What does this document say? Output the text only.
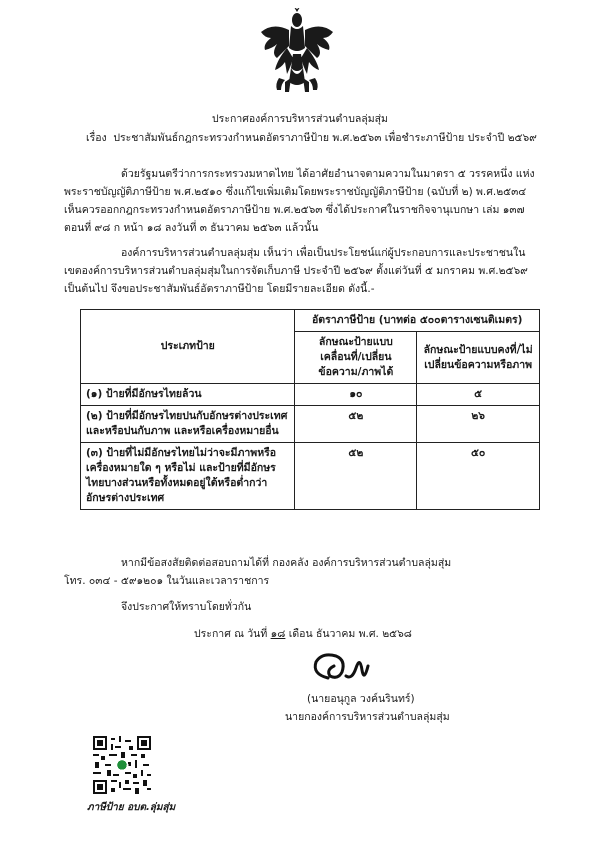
ประกาศองค์การบริหารส่วนตำบลลุ่มสุ่ม
เรื่อง ประชาสัมพันธ์กฎกระทรวงกำหนดอัตราภาษีป้าย พ.ศ.๒๕๖๓ เพื่อชำระภาษีป้าย ประจำปี ๒๕๖๙
ด้วยรัฐมนตรีว่าการกระทรวงมหาดไทย ได้อาศัยอำนาจตามความในมาตรา ๕ วรรคหนึ่ง แห่ง
พระราชบัญญัติภาษีป้าย พ.ศ.๒๕๑๐ ซึ่งแก้ไขเพิ่มเติมโดยพระราชบัญญัติภาษีป้าย (ฉบับที่ ๒) พ.ศ.๒๕๓๔
เห็นควรออกกฎกระทรวงกำหนดอัตราภาษีป้าย พ.ศ.๒๕๖๓ ซึ่งได้ประกาศในราชกิจจานุเบกษา เล่ม ๑๓๗
ตอนที่ ๙๘ ก หน้า ๑๘ ลงวันที่ ๓ ธันวาคม ๒๕๖๓ แล้วนั้น
องค์การบริหารส่วนตำบลลุ่มสุ่ม เห็นว่า เพื่อเป็นประโยชน์แก่ผู้ประกอบการและประชาชนใน
เขตองค์การบริหารส่วนตำบลลุ่มสุ่มในการจัดเก็บภาษี ประจำปี ๒๕๖๙ ตั้งแต่วันที่ ๕ มกราคม พ.ศ.๒๕๖๙
เป็นต้นไป จึงขอประชาสัมพันธ์อัตราภาษีป้าย โดยมีรายละเอียด ดังนี้.-
ประเภทป้าย	อัตราภาษีป้าย (บาทต่อ ๕๐๐ตารางเซนติเมตร)	
	ลักษณะป้ายแบบเคลื่อนที่/เปลี่ยนข้อความ/ภาพได้	ลักษณะป้ายแบบคงที่/ไม่เปลี่ยนข้อความหรือภาพ
(๑) ป้ายที่มีอักษรไทยล้วน	๑๐	๕
(๒) ป้ายที่มีอักษรไทยปนกับอักษรต่างประเทศ และหรือปนกับภาพ และหรือเครื่องหมายอื่น	๕๒	๒๖
(๓) ป้ายที่ไม่มีอักษรไทยไม่ว่าจะมีภาพหรือเครื่องหมายใด ๆ หรือไม่ และป้ายที่มีอักษรไทยบางส่วนหรือทั้งหมดอยู่ใต้หรือต่ำกว่าอักษรต่างประเทศ	๕๒	๕๐
หากมีข้อสงสัยติดต่อสอบถามได้ที่ กองคลัง องค์การบริหารส่วนตำบลลุ่มสุ่ม
โทร. ๐๓๔ - ๕๙๑๒๐๑ ในวันและเวลาราชการ
จึงประกาศให้ทราบโดยทั่วกัน
ประกาศ ณ วันที่ ๑๘ เดือน ธันวาคม พ.ศ. ๒๕๖๘
(นายอนุกูล วงค์นรินทร์)
นายกองค์การบริหารส่วนตำบลลุ่มสุ่ม
ภาษีป้าย อบต.ลุ่มสุ่ม
